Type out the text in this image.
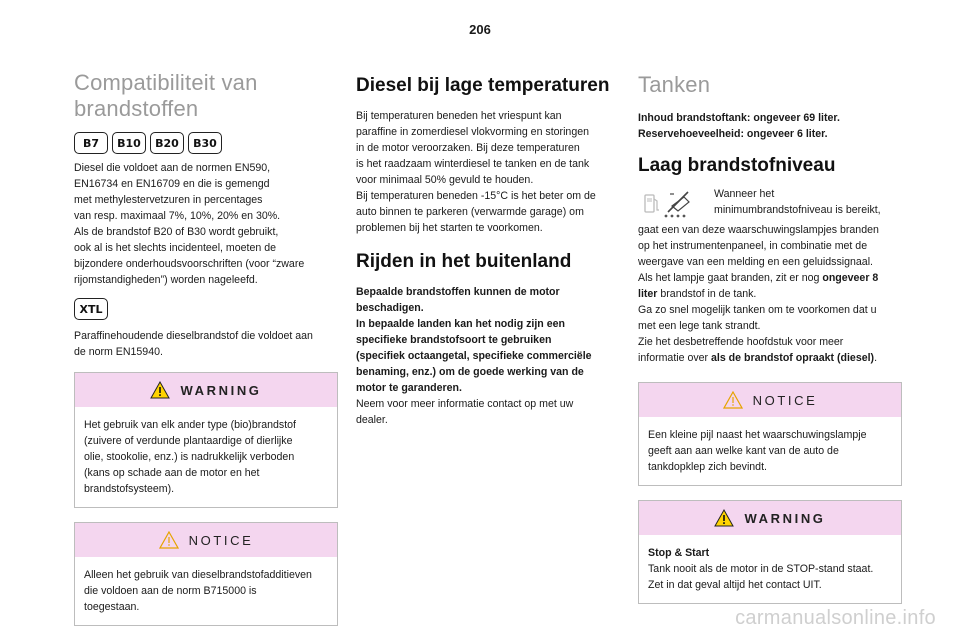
206
Compatibiliteit van brandstoffen
B7	B10	B20	B30

Diesel die voldoet aan de normen EN590,

EN16734 en EN16709 en die is gemengd

met methylestervetzuren in percentages

van resp. maximaal 7%, 10%, 20% en 30%.

Als de brandstof B20 of B30 wordt gebruikt,

ook al is het slechts incidenteel, moeten de

bijzondere onderhoudsvoorschriften (voor “zware

rijomstandigheden”) worden nageleefd.

XTL

Paraffinehoudende dieselbrandstof die voldoet aan

de norm EN15940.

WARNING

Het gebruik van elk ander type (bio)brandstof

(zuivere of verdunde plantaardige of dierlijke

olie, stookolie, enz.) is nadrukkelijk verboden

(kans op schade aan de motor en het

brandstofsysteem).

NOTICE

Alleen het gebruik van dieselbrandstofadditieven

die voldoen aan de norm B715000 is

toegestaan.

Diesel bij lage temperaturen

Bij temperaturen beneden het vriespunt kan

paraffine in zomerdiesel vlokvorming en storingen

in de motor veroorzaken. Bij deze temperaturen

is het raadzaam winterdiesel te tanken en de tank

voor minimaal 50% gevuld te houden.

Bij temperaturen beneden -15°C is het beter om de

auto binnen te parkeren (verwarmde garage) om

problemen bij het starten te voorkomen.

Rijden in het buitenland

Bepaalde brandstoffen kunnen de motor

beschadigen.

In bepaalde landen kan het nodig zijn een

specifieke brandstofsoort te gebruiken

(specifiek octaangetal, specifieke commerciële

benaming, enz.) om de goede werking van de

motor te garanderen.

Neem voor meer informatie contact op met uw

dealer.

Tanken

Inhoud brandstoftank: ongeveer 69 liter.

Reservehoeveelheid: ongeveer 6 liter.

Laag brandstofniveau

Wanneer het

minimumbrandstofniveau is bereikt,

gaat een van deze waarschuwingslampjes branden

op het instrumentenpaneel, in combinatie met de

weergave van een melding en een geluidssignaal.

Als het lampje gaat branden, zit er nog ongeveer 8

liter brandstof in de tank.

Ga zo snel mogelijk tanken om te voorkomen dat u

met een lege tank strandt.

Zie het desbetreffende hoofdstuk voor meer

informatie over als de brandstof opraakt (diesel).

NOTICE

Een kleine pijl naast het waarschuwingslampje

geeft aan aan welke kant van de auto de

tankdopklep zich bevindt.

WARNING

Stop & Start

Tank nooit als de motor in de STOP-stand staat.

Zet in dat geval altijd het contact UIT.

carmanualsonline.info
